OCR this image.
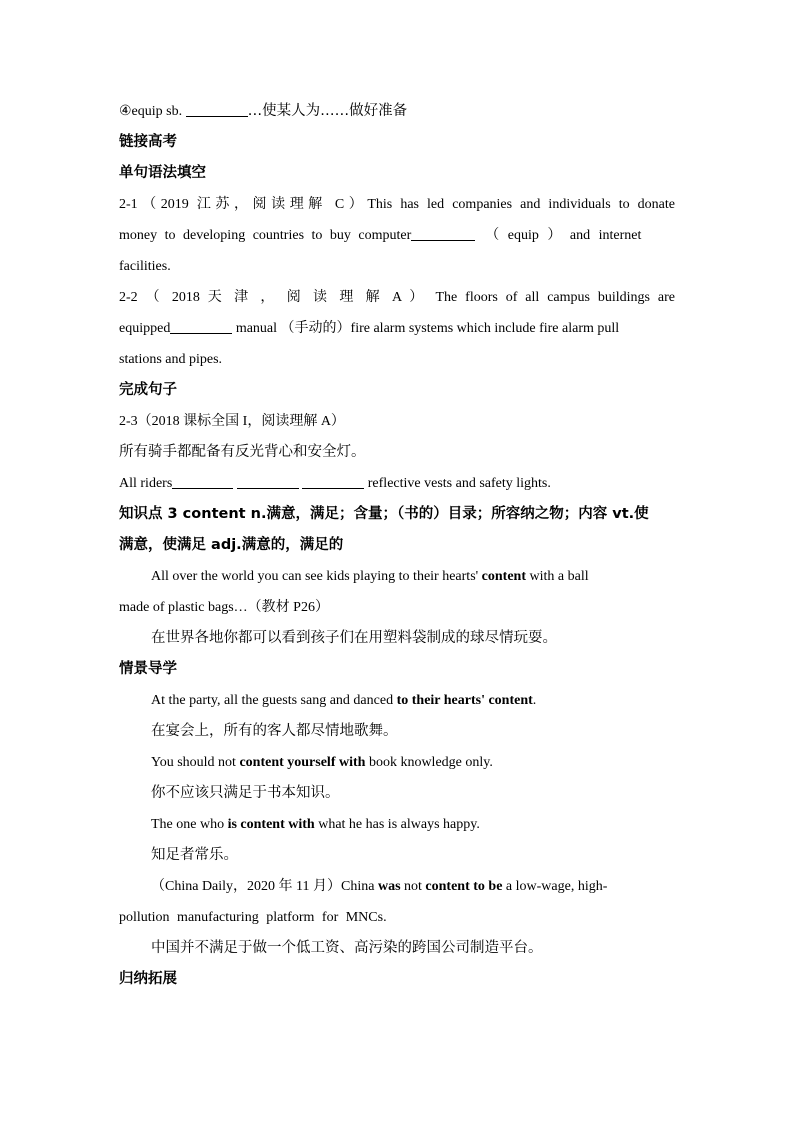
④equip sb.	…使某人为……做好准备
链接高考
单句语法填空
2-1（2019 江苏，阅读理解 C）This has led companies and individuals to donate
money to developing countries to buy computer	（ equip ） and internet
facilities.
2-2 （ 2018 天 津 ， 阅 读 理 解 A ） The floors of all campus buildings are
equipped	manual （手动的）fire alarm systems which include fire alarm pull
stations and pipes.
完成句子
2-3（2018 课标全国 I，阅读理解 A）
所有骑手都配备有反光背心和安全灯。
All riders	reflective vests and safety lights.
知识点 3 content n.满意，满足；含量；（书的）目录；所容纳之物；内容 vt.使
满意，使满足 adj.满意的，满足的
All over the world you can see kids playing to their hearts' content with a ball
made of plastic bags…（教材 P26）
在世界各地你都可以看到孩子们在用塑料袋制成的球尽情玩耍。
情景导学
At the party, all the guests sang and danced to their hearts' content.
在宴会上，所有的客人都尽情地歌舞。
You should not content yourself with book knowledge only.
你不应该只满足于书本知识。
The one who is content with what he has is always happy.
知足者常乐。
（China Daily，2020 年 11 月）China was not content to be a low-wage, high-
pollution manufacturing platform for MNCs.
中国并不满足于做一个低工资、高污染的跨国公司制造平台。
归纳拓展
